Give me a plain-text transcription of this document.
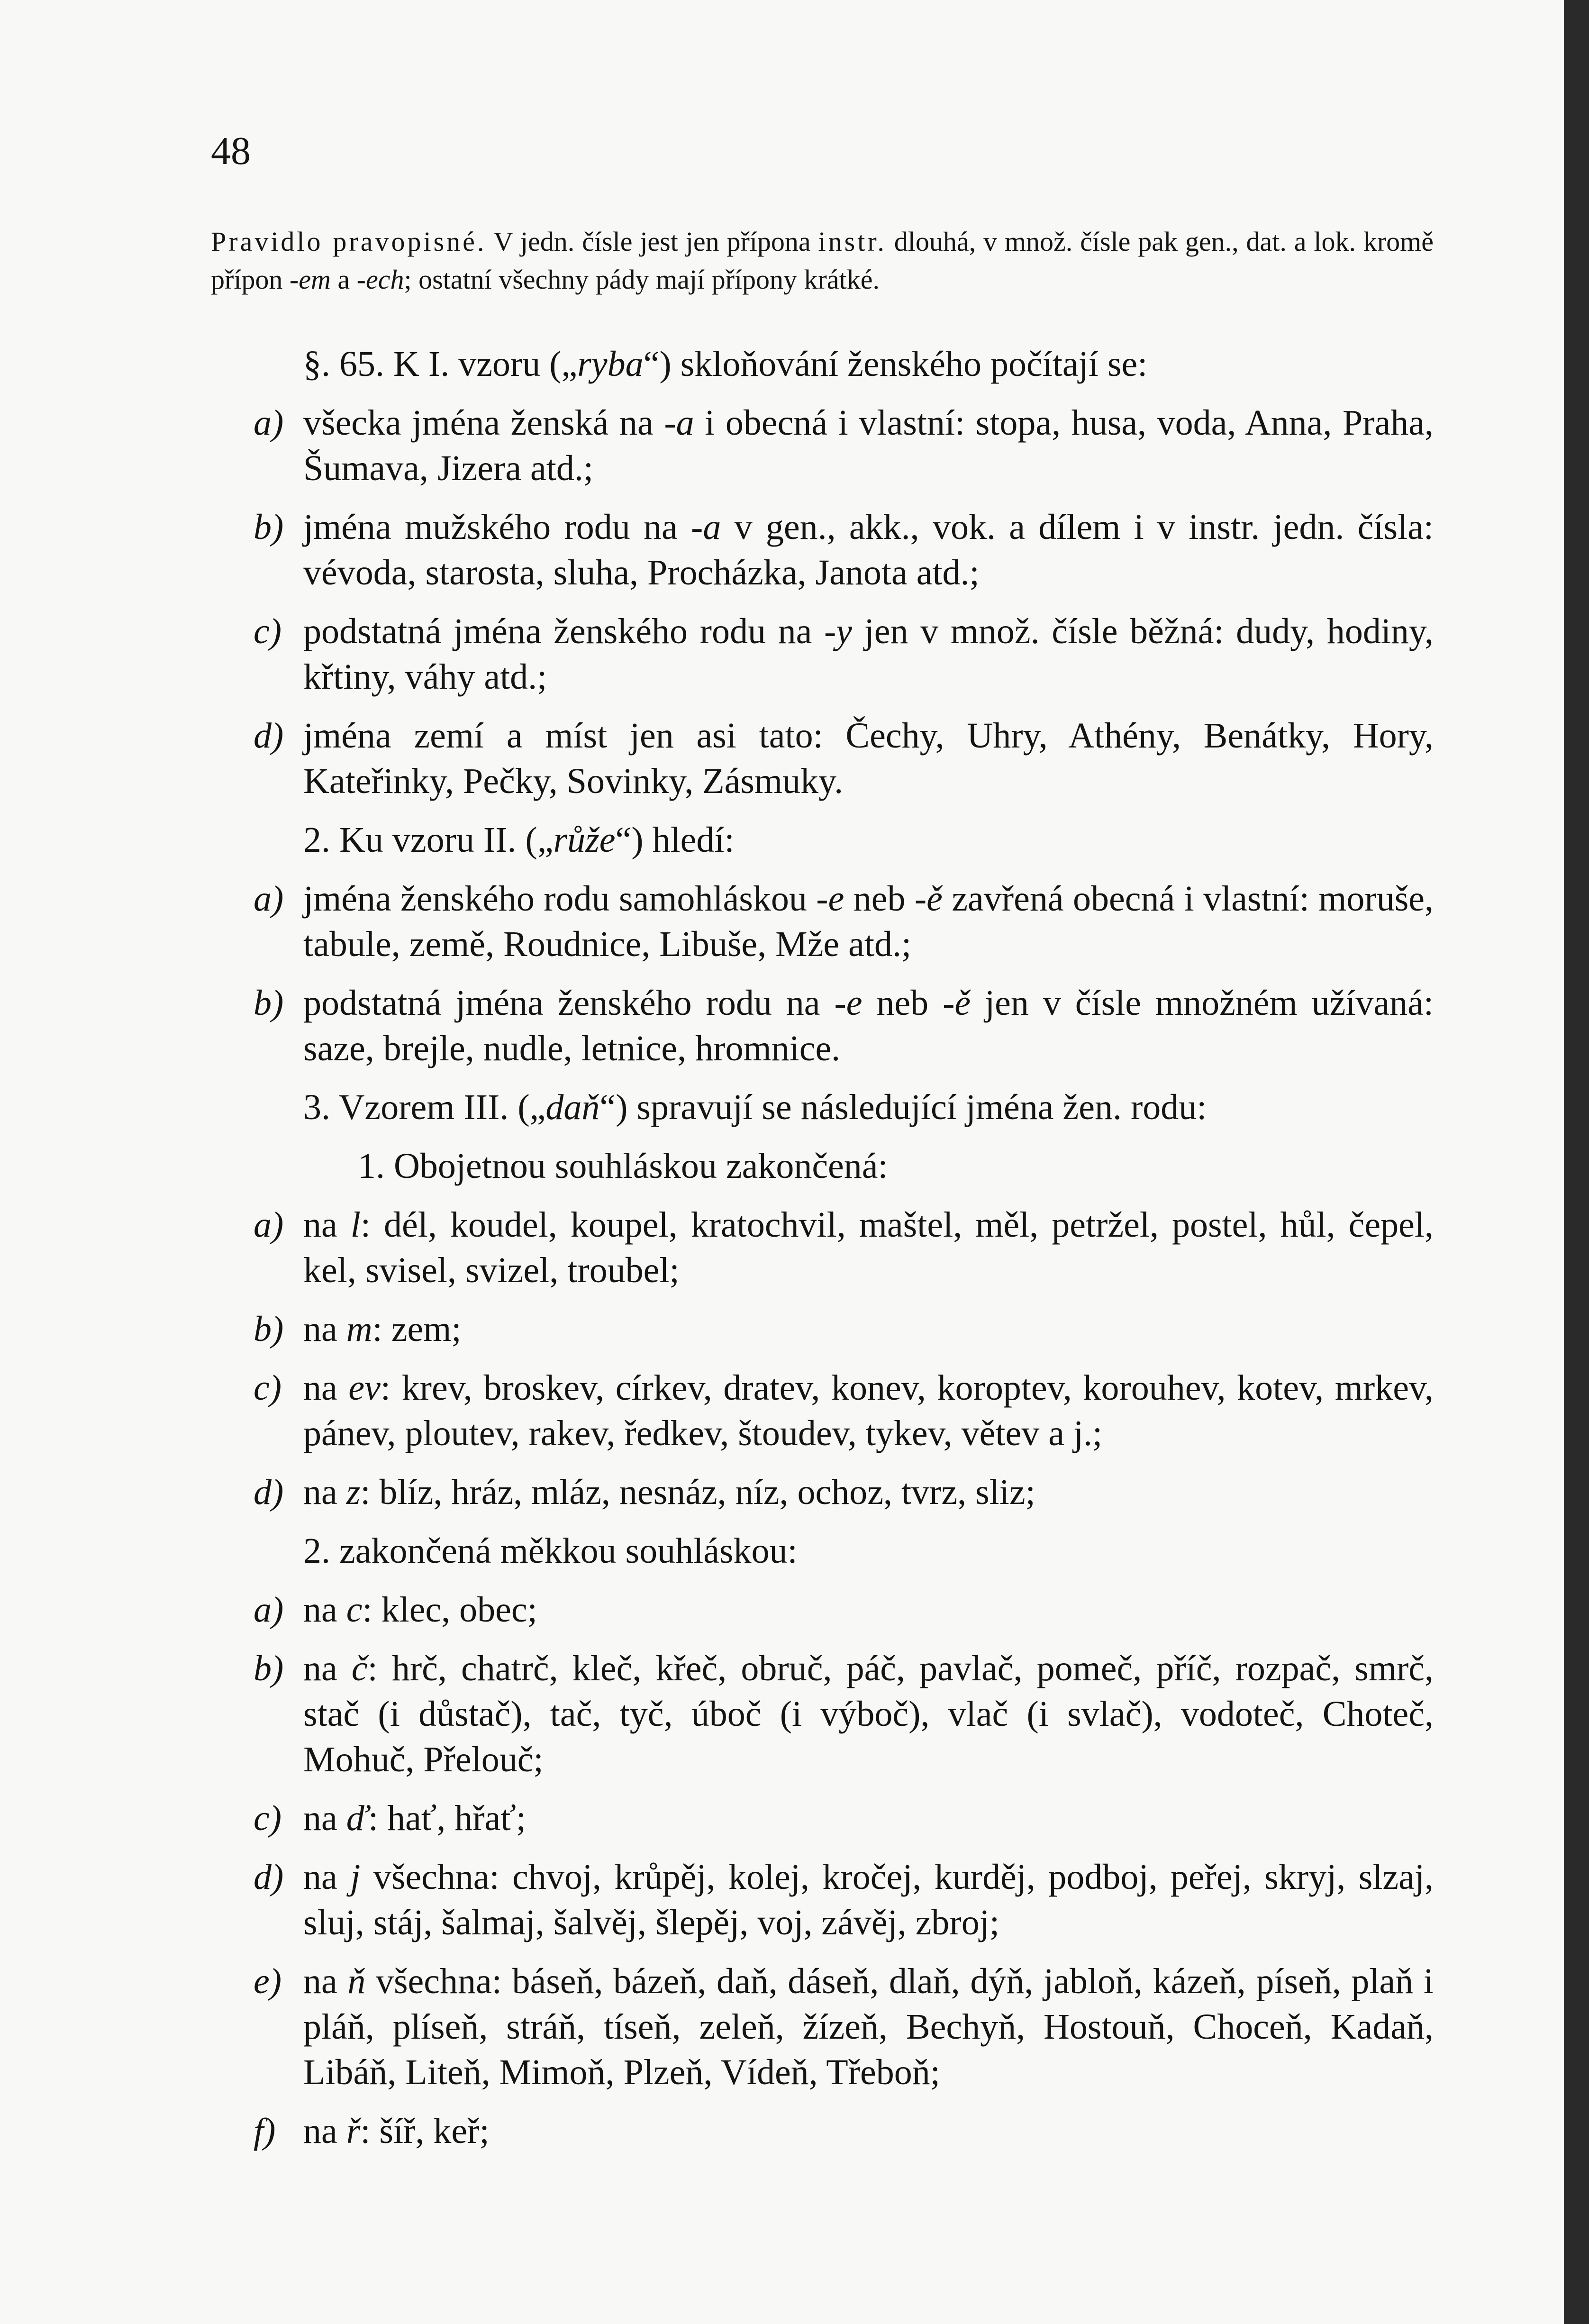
48
Pravidlo pravopisné. V jedn. čísle jest jen přípona instr. dlouhá, v množ. čísle pak gen., dat. a lok. kromě přípon -em a -ech; ostatní všechny pády mají přípony krátké.

§. 65. K I. vzoru („ryba“) skloňování ženského počítají se:

a) všecka jména ženská na -a i obecná i vlastní: stopa, husa, voda, Anna, Praha, Šumava, Jizera atd.;

b) jména mužského rodu na -a v gen., akk., vok. a dílem i v instr. jedn. čísla: vévoda, starosta, sluha, Procházka, Janota atd.;

c) podstatná jména ženského rodu na -y jen v množ. čísle běžná: dudy, hodiny, křtiny, váhy atd.;

d) jména zemí a míst jen asi tato: Čechy, Uhry, Athény, Benátky, Hory, Kateřinky, Pečky, Sovinky, Zásmuky.

2. Ku vzoru II. („růže“) hledí:

a) jména ženského rodu samohláskou -e neb -ě zavřená obecná i vlastní: moruše, tabule, země, Roudnice, Libuše, Mže atd.;

b) podstatná jména ženského rodu na -e neb -ě jen v čísle množném užívaná: saze, brejle, nudle, letnice, hromnice.

3. Vzorem III. („daň“) spravují se následující jména žen. rodu:

1. Obojetnou souhláskou zakončená:

a) na l: dél, koudel, koupel, kratochvil, maštel, měl, petržel, postel, hůl, čepel, kel, svisel, svizel, troubel;

b) na m: zem;

c) na ev: krev, broskev, církev, dratev, konev, koroptev, korouhev, kotev, mrkev, pánev, ploutev, rakev, ředkev, štoudev, tykev, větev a j.;

d) na z: blíz, hráz, mláz, nesnáz, níz, ochoz, tvrz, sliz;

2. zakončená měkkou souhláskou:

a) na c: klec, obec;

b) na č: hrč, chatrč, kleč, křeč, obruč, páč, pavlač, pomeč, příč, rozpač, smrč, stač (i důstač), tač, tyč, úboč (i výboč), vlač (i svlač), vodoteč, Choteč, Mohuč, Přelouč;

c) na ď: hať, hřať;

d) na j všechna: chvoj, krůpěj, kolej, kročej, kurděj, podboj, peřej, skryj, slzaj, sluj, stáj, šalmaj, šalvěj, šlepěj, voj, závěj, zbroj;

e) na ň všechna: báseň, bázeň, daň, dáseň, dlaň, dýň, jabloň, kázeň, píseň, plaň i pláň, plíseň, stráň, tíseň, zeleň, žízeň, Bechyň, Hostouň, Choceň, Kadaň, Libáň, Liteň, Mimoň, Plzeň, Vídeň, Třeboň;

f) na ř: šíř, keř;
